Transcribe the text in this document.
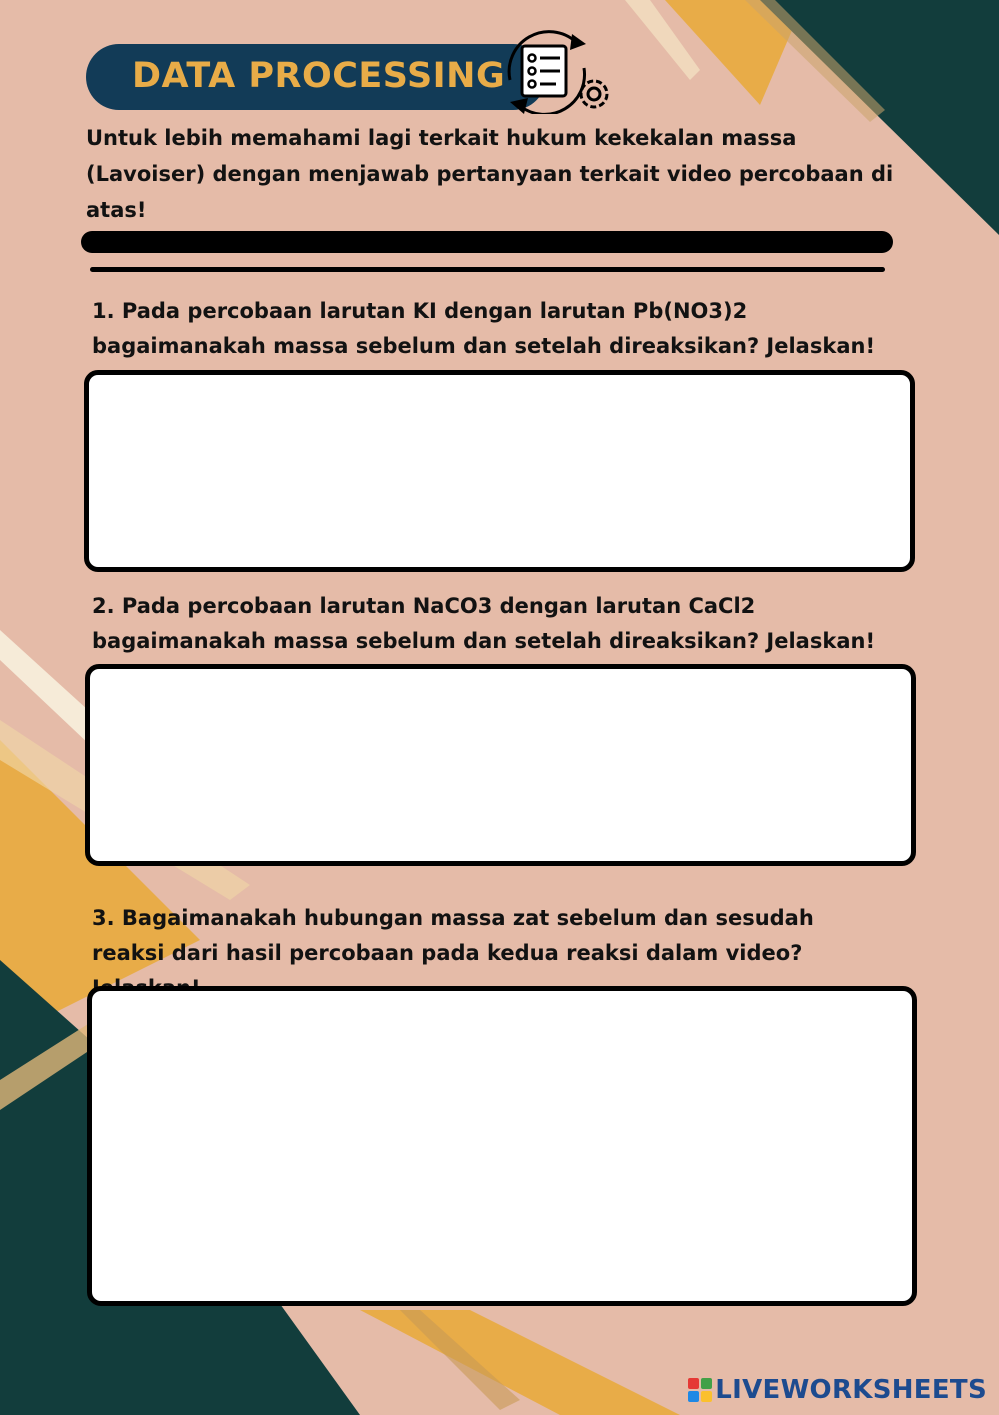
DATA PROCESSING

Untuk lebih memahami lagi terkait hukum kekekalan massa (Lavoiser) dengan menjawab pertanyaan terkait video percobaan di atas!

1. Pada percobaan larutan KI dengan larutan Pb(NO3)2 bagaimanakah massa sebelum dan setelah direaksikan? Jelaskan!

2. Pada percobaan larutan NaCO3 dengan larutan CaCl2 bagaimanakah massa sebelum dan setelah direaksikan? Jelaskan!

3. Bagaimanakah hubungan massa zat sebelum dan sesudah reaksi dari hasil percobaan pada kedua reaksi dalam video?

LIVEWORKSHEETS
